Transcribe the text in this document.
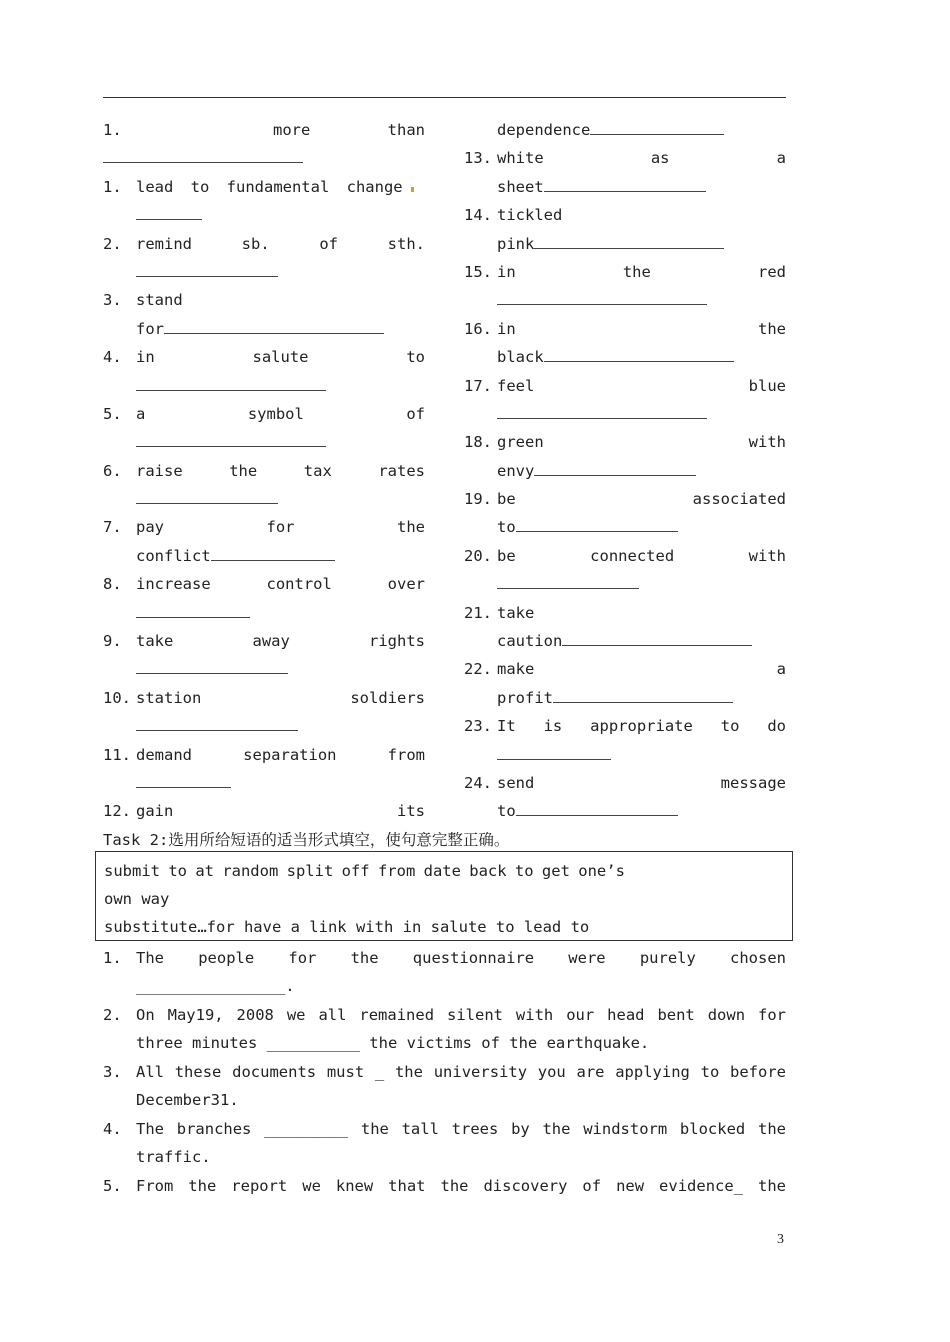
1.	more than
1. lead to fundamental change
2. remind sb. of sth.
3. stand
for
4. in salute to
5. a symbol of
6. raise the tax rates
7. pay for the
conflict
8. increase control over
9. take away rights
10. station soldiers
11. demand separation from
12. gain its
dependence
13. white as a
sheet
14. tickled
pink
15. in the red
16. in the
black
17. feel blue
18. green with
envy
19. be associated
to
20. be connected with
21. take
caution
22. make a
profit
23. It is appropriate to do
24. send message
to
Task 2:选用所给短语的适当形式填空，使句意完整正确。
submit to at random split off from date back to get one’s
own way
substitute…for have a link with in salute to lead to
1. The people for the questionnaire were purely chosen
________________.
2. On May19, 2008 we all remained silent with our head bent down for
three minutes __________ the victims of the earthquake.
3. All these documents must _ the university you are applying to before
December31.
4. The branches _________ the tall trees by the windstorm blocked the
traffic.
5. From the report we knew that the discovery of new evidence_ the
3
